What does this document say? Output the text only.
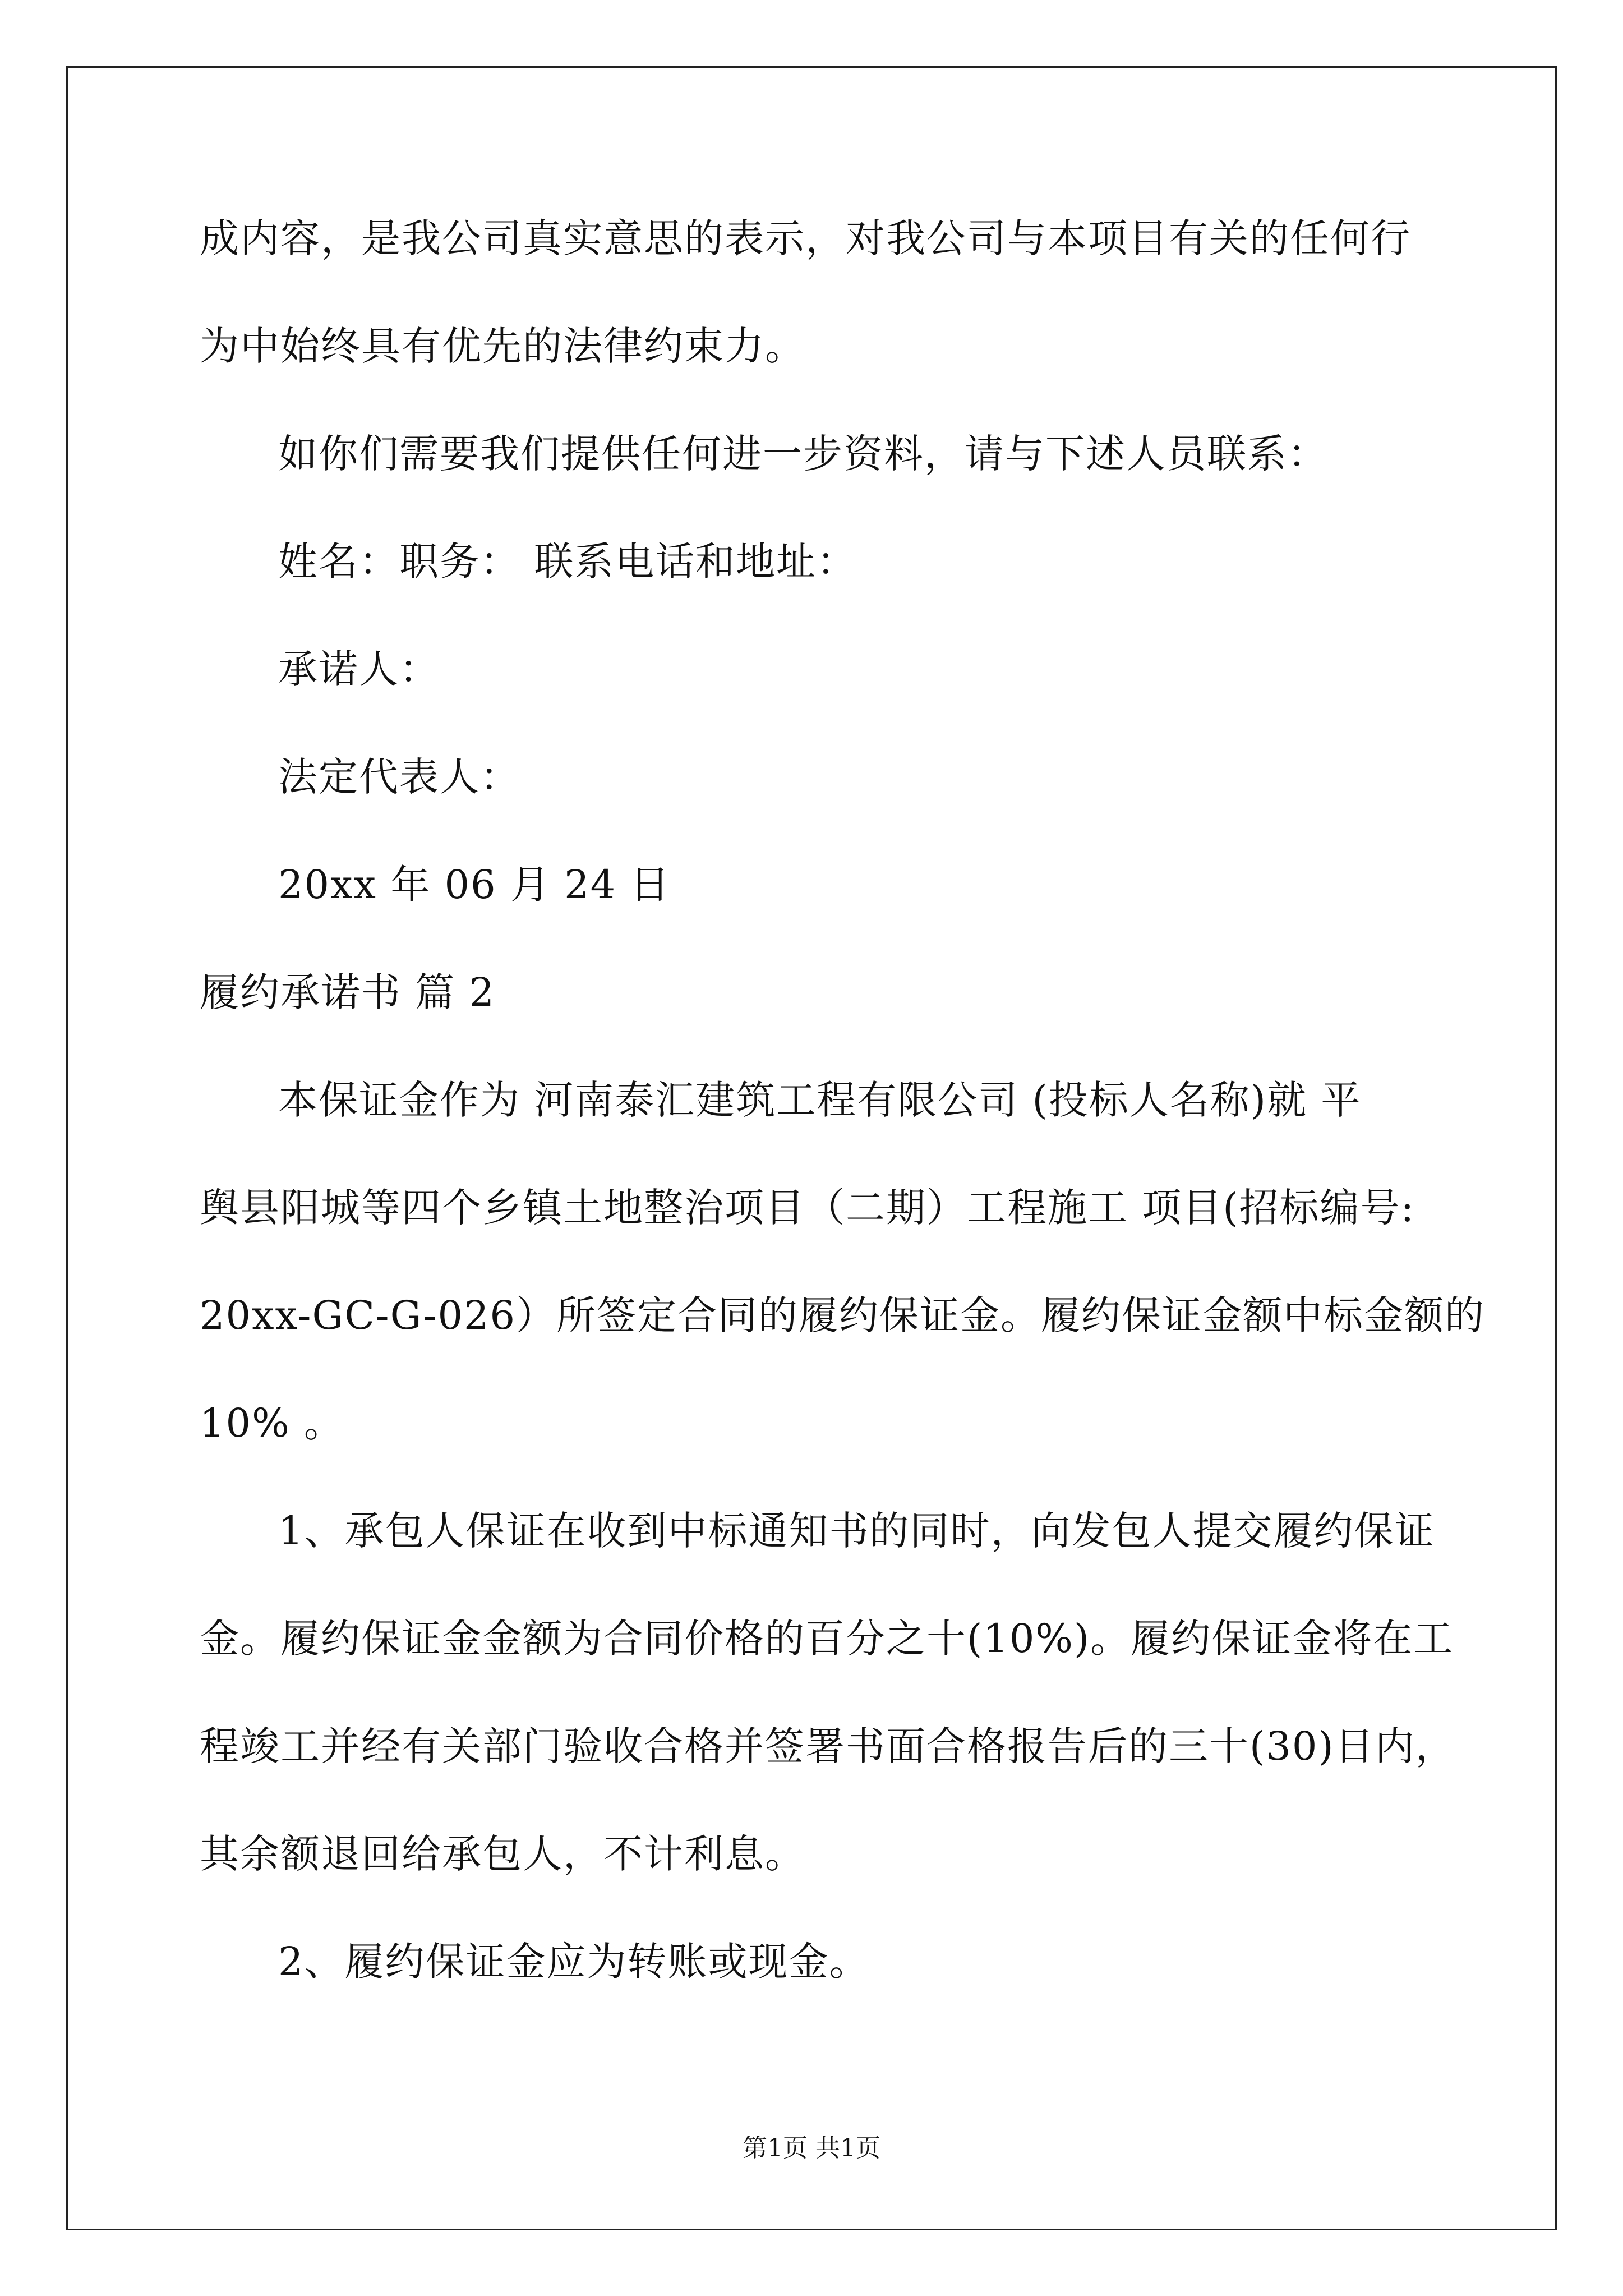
成内容，是我公司真实意思的表示，对我公司与本项目有关的任何行
为中始终具有优先的法律约束力。
如你们需要我们提供任何进一步资料，请与下述人员联系：
姓名：职务： 联系电话和地址：
承诺人：
法定代表人：
20xx 年 06 月 24 日
履约承诺书 篇 2
本保证金作为 河南泰汇建筑工程有限公司 (投标人名称)就 平
舆县阳城等四个乡镇土地整治项目（二期）工程施工 项目(招标编号:
20xx-GC-G-026）所签定合同的履约保证金。履约保证金额中标金额的
10% 。
1、承包人保证在收到中标通知书的同时，向发包人提交履约保证
金。履约保证金金额为合同价格的百分之十(10%)。履约保证金将在工
程竣工并经有关部门验收合格并签署书面合格报告后的三十(30)日内，
其余额退回给承包人，不计利息。
2、履约保证金应为转账或现金。
第1页 共1页
